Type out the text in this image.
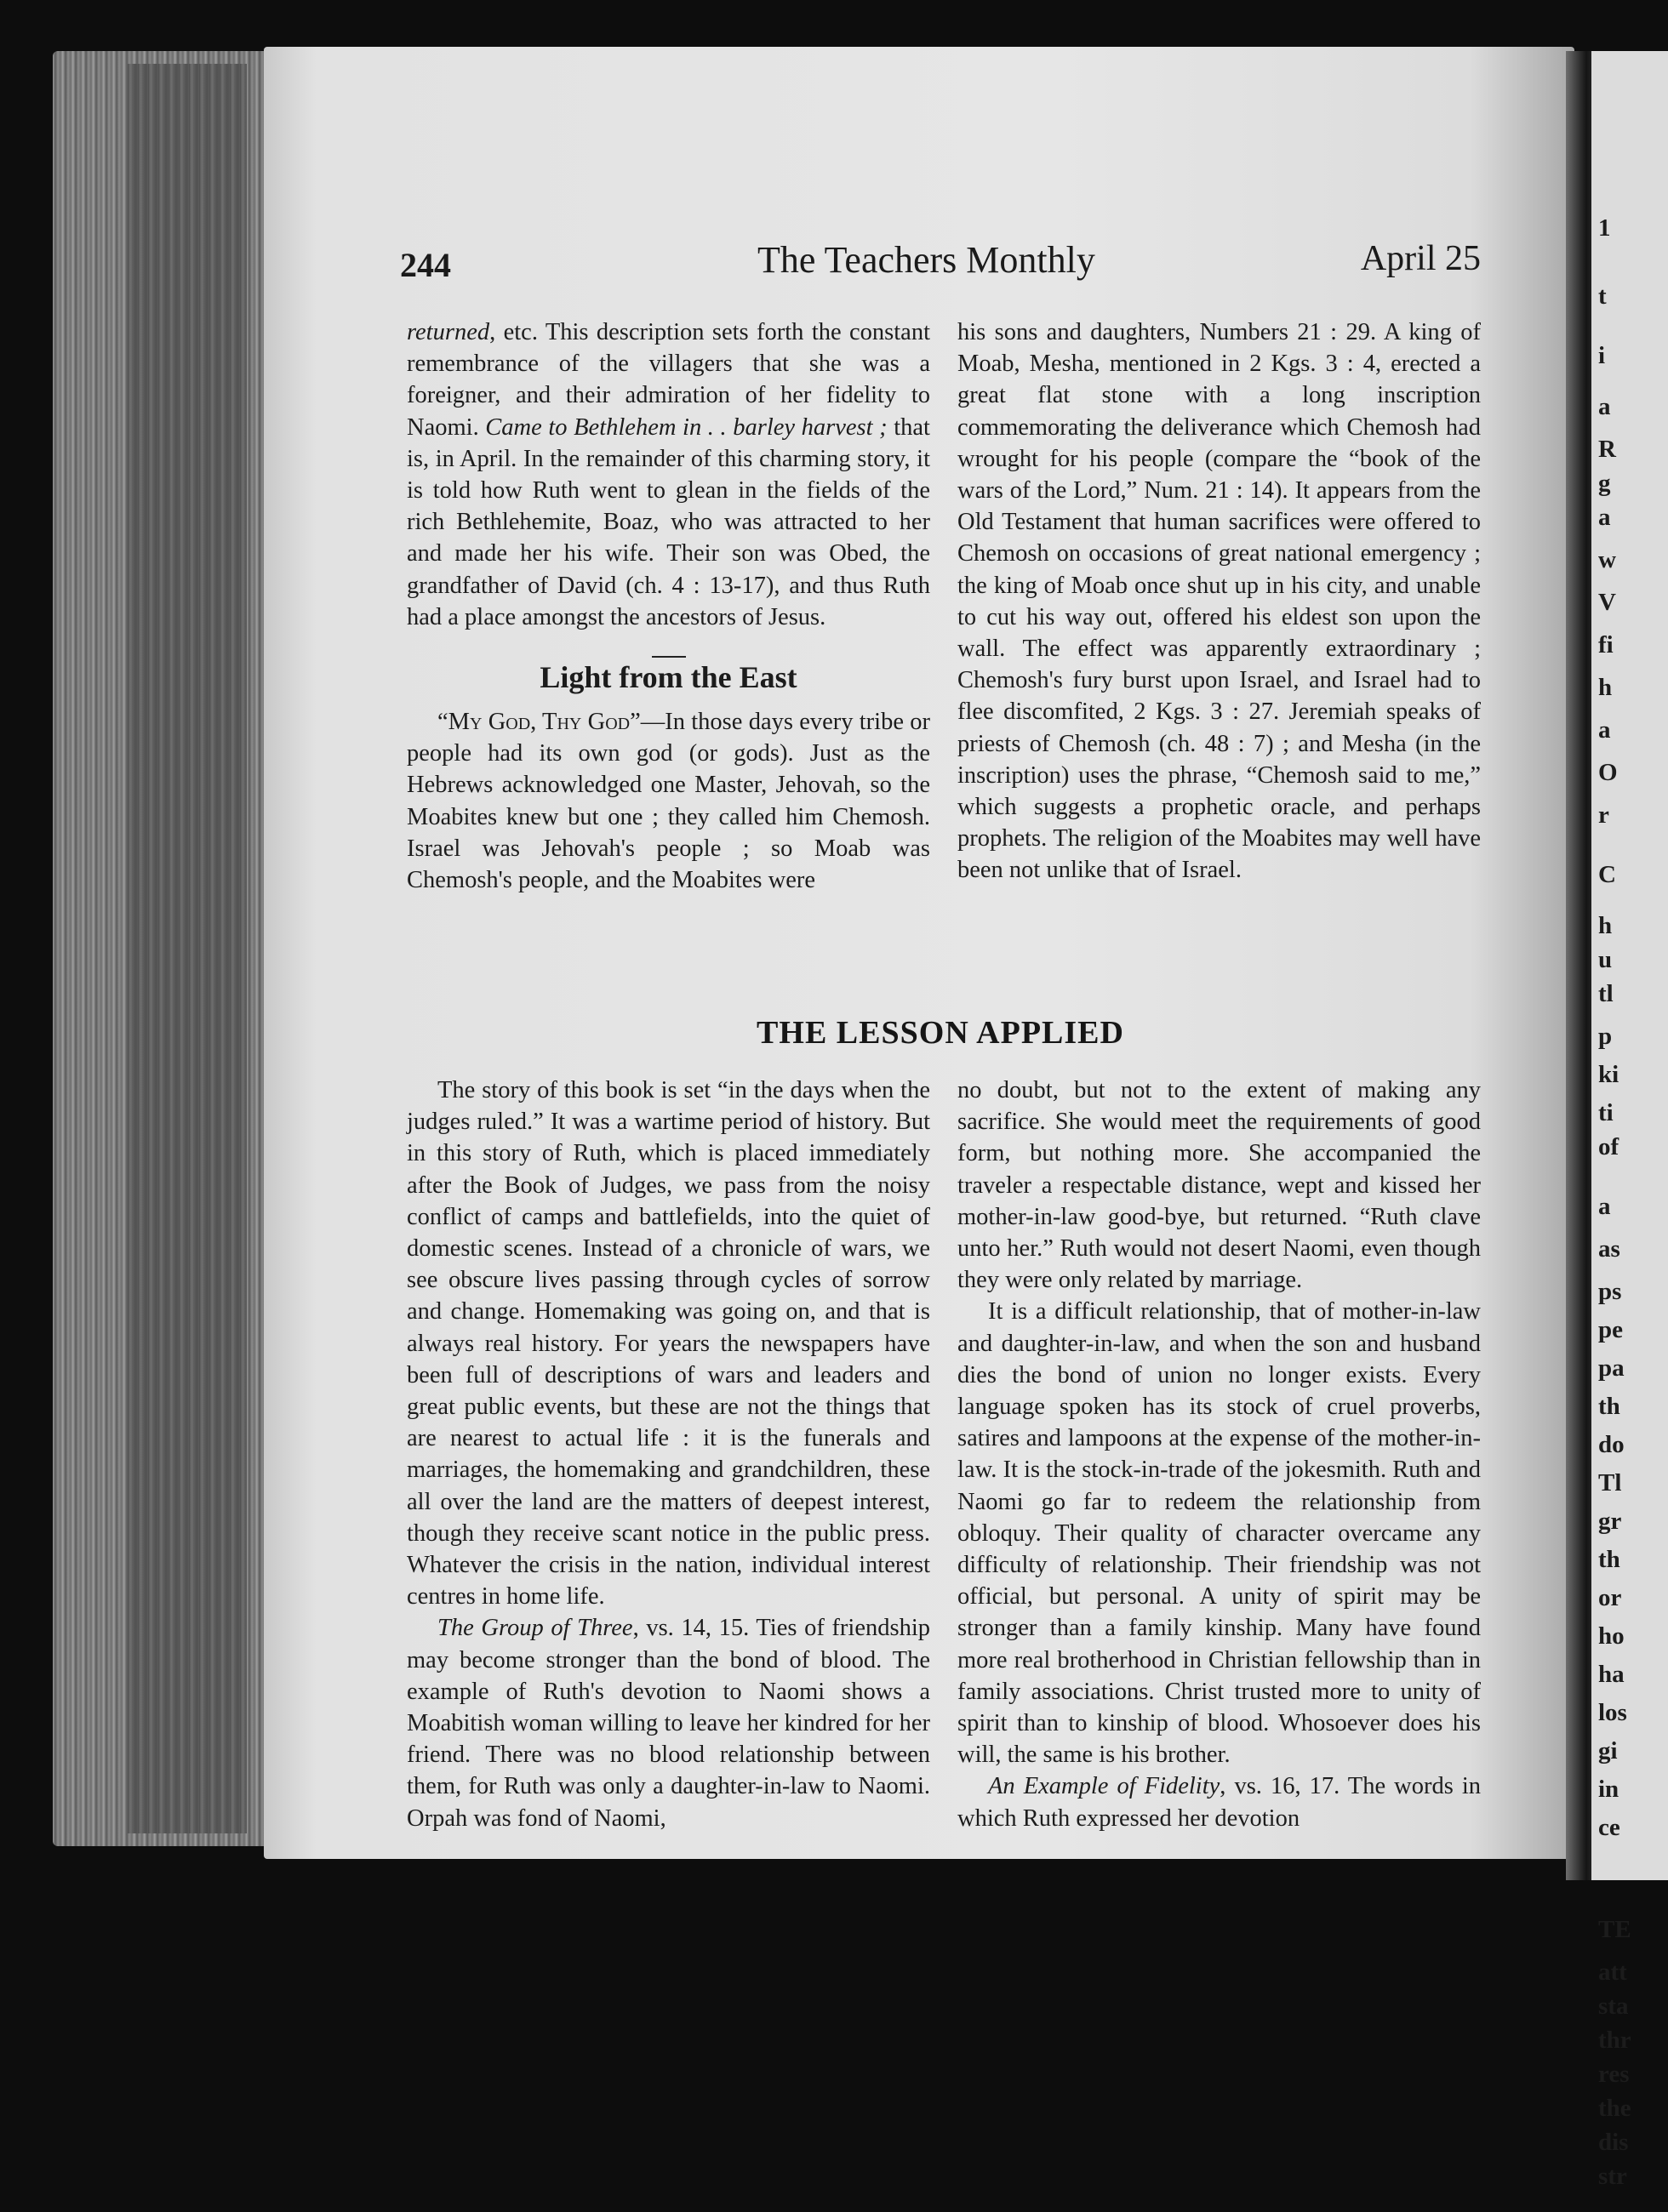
1
t
i
a
R
g
a
w
V
fi
h
a
O
r
C
h
u
tl
p
ki
ti
of
a
as
ps
pe
pa
th
do
Tl
gr
th
or
ho
ha
los
gi
in
ce
TE
att
sta
thr
res
the
dis
str
244	The Teachers Monthly	April 25

returned, etc. This description sets forth the constant remembrance of the villagers that she was a foreigner, and their admiration of her fidelity to Naomi. Came to Bethlehem in . . barley harvest ; that is, in April. In the remainder of this charming story, it is told how Ruth went to glean in the fields of the rich Bethlehemite, Boaz, who was attracted to her and made her his wife. Their son was Obed, the grandfather of David (ch. 4 : 13-17), and thus Ruth had a place amongst the ancestors of Jesus.

Light from the East

“My God, Thy God”—In those days every tribe or people had its own god (or gods). Just as the Hebrews acknowledged one Master, Jehovah, so the Moabites knew but one ; they called him Chemosh. Israel was Jehovah's people ; so Moab was Chemosh's people, and the Moabites were

his sons and daughters, Numbers 21 : 29. A king of Moab, Mesha, mentioned in 2 Kgs. 3 : 4, erected a great flat stone with a long inscription commemorating the deliverance which Chemosh had wrought for his people (compare the “book of the wars of the Lord,” Num. 21 : 14). It appears from the Old Testament that human sacrifices were offered to Chemosh on occasions of great national emergency ; the king of Moab once shut up in his city, and unable to cut his way out, offered his eldest son upon the wall. The effect was apparently extraordinary ; Chemosh's fury burst upon Israel, and Israel had to flee discomfited, 2 Kgs. 3 : 27. Jeremiah speaks of priests of Chemosh (ch. 48 : 7) ; and Mesha (in the inscription) uses the phrase, “Chemosh said to me,” which suggests a prophetic oracle, and perhaps prophets. The religion of the Moabites may well have been not unlike that of Israel.

THE LESSON APPLIED

The story of this book is set “in the days when the judges ruled.” It was a wartime period of history. But in this story of Ruth, which is placed immediately after the Book of Judges, we pass from the noisy conflict of camps and battlefields, into the quiet of domestic scenes. Instead of a chronicle of wars, we see obscure lives passing through cycles of sorrow and change. Homemaking was going on, and that is always real history. For years the newspapers have been full of descriptions of wars and leaders and great public events, but these are not the things that are nearest to actual life : it is the funerals and marriages, the homemaking and grandchildren, these all over the land are the matters of deepest interest, though they receive scant notice in the public press. Whatever the crisis in the nation, individual interest centres in home life.

The Group of Three, vs. 14, 15. Ties of friendship may become stronger than the bond of blood. The example of Ruth's devotion to Naomi shows a Moabitish woman willing to leave her kindred for her friend. There was no blood relationship between them, for Ruth was only a daughter-in-law to Naomi. Orpah was fond of Naomi,

no doubt, but not to the extent of making any sacrifice. She would meet the requirements of good form, but nothing more. She accompanied the traveler a respectable distance, wept and kissed her mother-in-law good-bye, but returned. “Ruth clave unto her.” Ruth would not desert Naomi, even though they were only related by marriage.

It is a difficult relationship, that of mother-in-law and daughter-in-law, and when the son and husband dies the bond of union no longer exists. Every language spoken has its stock of cruel proverbs, satires and lampoons at the expense of the mother-in-law. It is the stock-in-trade of the jokesmith. Ruth and Naomi go far to redeem the relationship from obloquy. Their quality of character overcame any difficulty of relationship. Their friendship was not official, but personal. A unity of spirit may be stronger than a family kinship. Many have found more real brotherhood in Christian fellowship than in family associations. Christ trusted more to unity of spirit than to kinship of blood. Whosoever does his will, the same is his brother.

An Example of Fidelity, vs. 16, 17. The words in which Ruth expressed her devotion
